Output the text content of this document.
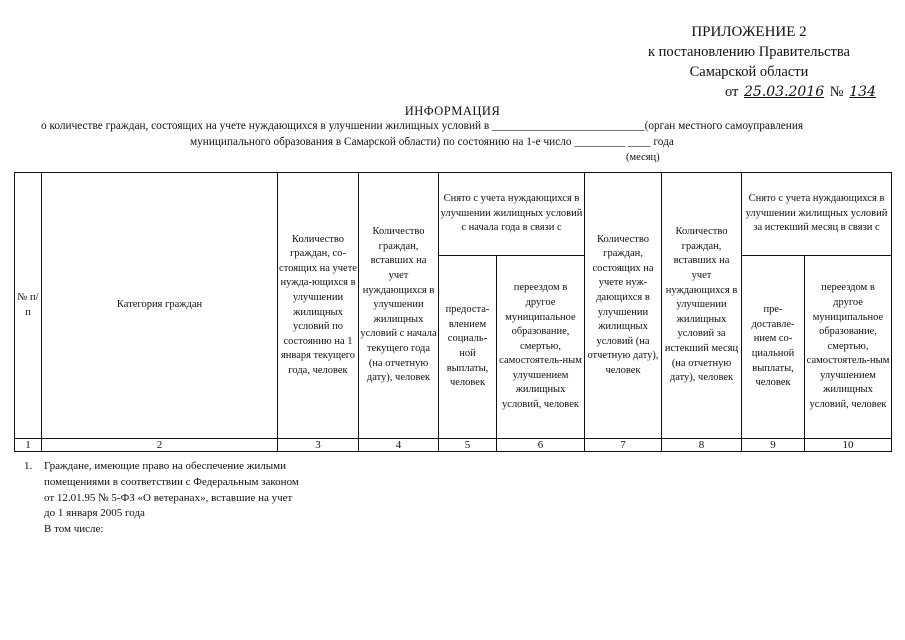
ПРИЛОЖЕНИЕ 2
к постановлению Правительства
Самарской области
от 25.03.2016 № 134
ИНФОРМАЦИЯ
о количестве граждан, состоящих на учете нуждающихся в улучшении жилищных условий в ___________________________(орган местного самоуправления
муниципального образования в Самарской области) по состоянию на 1-е число _________ ____ года
(месяц)
№ п/п	Категория граждан	Количество граждан, со-стоящих на учете нужда-ющихся в улучшении жилищных условий по состоянию на 1 января текущего года, человек	Количество граждан, вставших на учет нуждающихся в улучшении жилищных условий с начала текущего года (на отчетную дату), человек	Снято с учета нуждающихся в улучшении жилищных условий с начала года в связи с		Количество граждан, состоящих на учете нуж-дающихся в улучшении жилищных условий (на отчетную дату), человек	Количество граждан, вставших на учет нуждающихся в улучшении жилищных условий за истекший месяц (на отчетную дату), человек	Снято с учета нуждающихся в улучшении жилищных условий за истекший месяц в связи с	
				предоста-влением социаль-ной выплаты, человек	переездом в другое муниципальное образование, смертью, самостоятель-ным улучшением жилищных условий, человек			пре-доставле-нием со-циальной выплаты, человек	переездом в другое муниципальное образование, смертью, самостоятель-ным улучшением жилищных условий, человек
1	2	3	4	5	6	7	8	9	10
1. Граждане, имеющие право на обеспечение жилыми помещениями в соответствии с Федеральным законом от 12.01.95 № 5-ФЗ «О ветеранах», вставшие на учет до 1 января 2005 года
В том числе:
